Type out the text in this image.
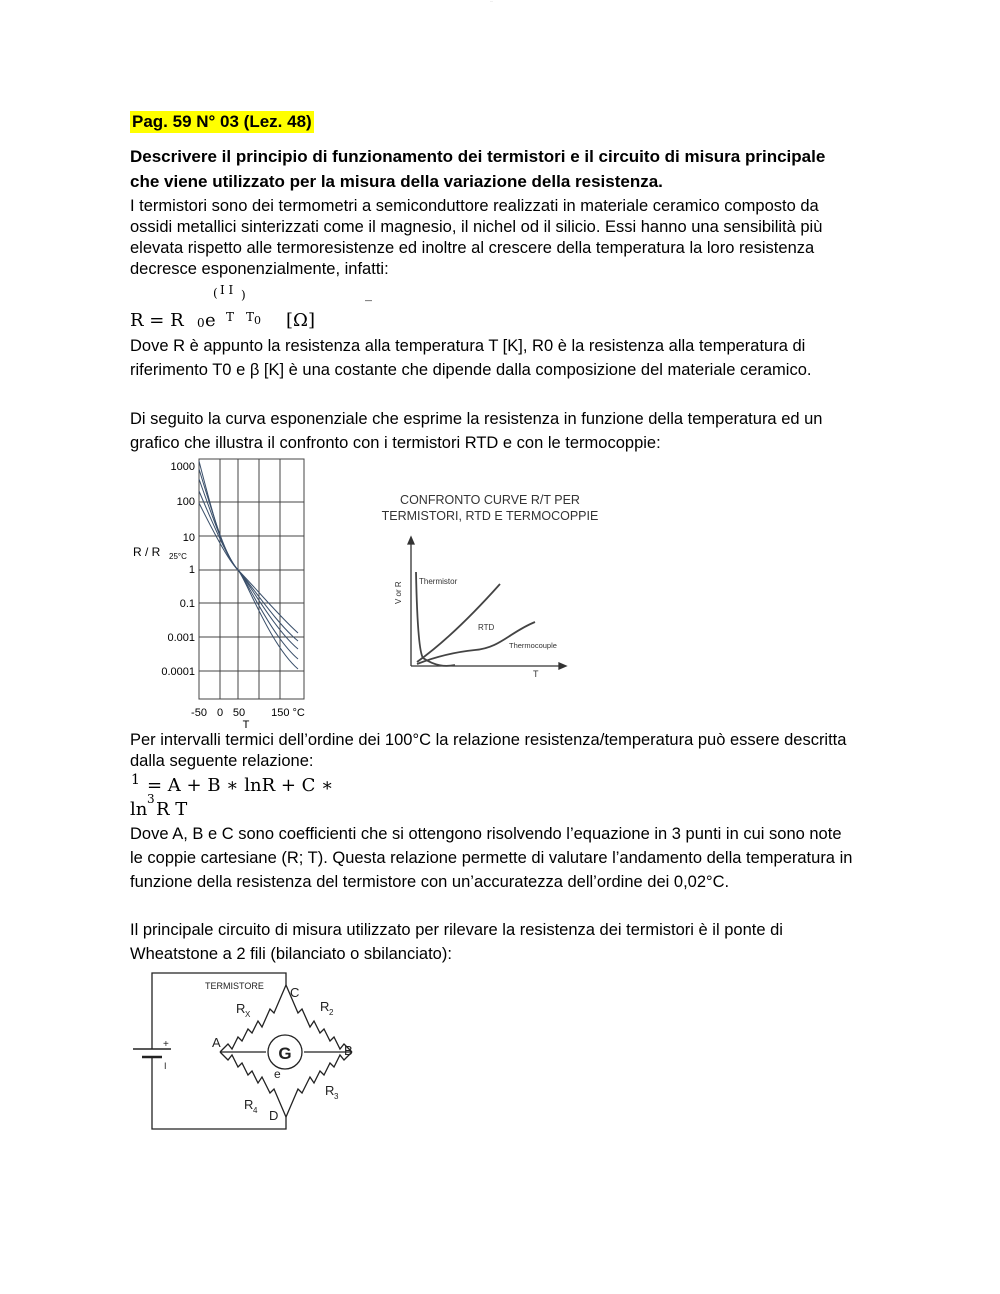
...
Pag. 59 N° 03 (Lez. 48)
Descrivere il principio di funzionamento dei termistori e il circuito di misura principale che viene utilizzato per la misura della variazione della resistenza.
I termistori sono dei termometri a semiconduttore realizzati in materiale ceramico composto da ossidi metallici sinterizzati come il magnesio, il nichel od il silicio. Essi hanno una sensibilità più elevata rispetto alle termoresistenze ed inoltre al crescere della temperatura la loro resistenza decresce esponenzialmente, infatti:
( I I )	_
R = R 0 e T T 0 [Ω]
Dove R è appunto la resistenza alla temperatura T [K], R0 è la resistenza alla temperatura di riferimento T0 e β [K] è una costante che dipende dalla composizione del materiale ceramico.
Di seguito la curva esponenziale che esprime la resistenza in funzione della temperatura ed un grafico che illustra il confronto con i termistori RTD e con le termocoppie:
1000
100
10
1
0.1
0.001
0.0001
R / R 25°C
-50 0 50 150 °C
T
CONFRONTO CURVE R/T PER
TERMISTORI, RTD E TERMOCOPPIE
V or R
T
Thermistor
RTD
Thermocouple
Per intervalli termici dell’ordine dei 100°C la relazione resistenza/temperatura può essere descritta dalla seguente relazione:
1 = A + B ∗ lnR + C ∗
ln 3 R T
Dove A, B e C sono coefficienti che si ottengono risolvendo l’equazione in 3 punti in cui sono note le coppie cartesiane (R; T). Questa relazione permette di valutare l’andamento della temperatura in funzione della resistenza del termistore con un’accuratezza dell’ordine dei 0,02°C.
Il principale circuito di misura utilizzato per rilevare la resistenza dei termistori è il ponte di Wheatstone a 2 fili (bilanciato o sbilanciato):
TERMISTORE C
A
B
D
R X
R 2
R 3
R 4
G
e
+
I
